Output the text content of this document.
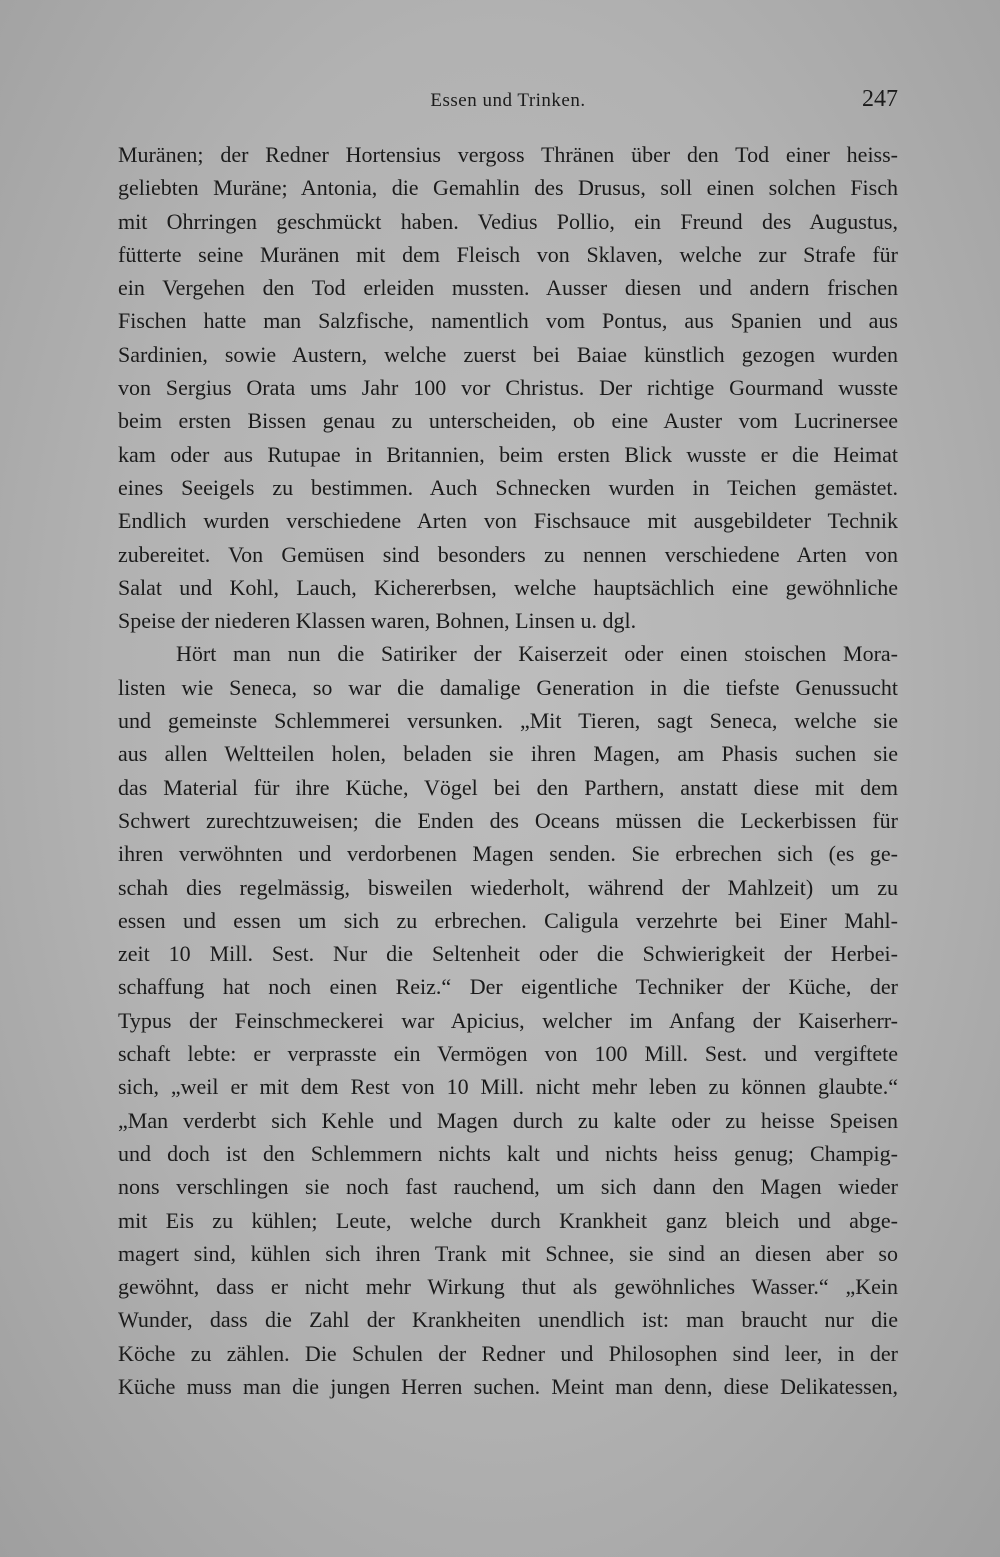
Essen und Trinken.	247
Muränen; der Redner Hortensius vergoss Thränen über den Tod einer heiss-
geliebten Muräne; Antonia, die Gemahlin des Drusus, soll einen solchen Fisch
mit Ohrringen geschmückt haben. Vedius Pollio, ein Freund des Augustus,
fütterte seine Muränen mit dem Fleisch von Sklaven, welche zur Strafe für
ein Vergehen den Tod erleiden mussten. Ausser diesen und andern frischen
Fischen hatte man Salzfische, namentlich vom Pontus, aus Spanien und aus
Sardinien, sowie Austern, welche zuerst bei Baiae künstlich gezogen wurden
von Sergius Orata ums Jahr 100 vor Christus. Der richtige Gourmand wusste
beim ersten Bissen genau zu unterscheiden, ob eine Auster vom Lucrinersee
kam oder aus Rutupae in Britannien, beim ersten Blick wusste er die Heimat
eines Seeigels zu bestimmen. Auch Schnecken wurden in Teichen gemästet.
Endlich wurden verschiedene Arten von Fischsauce mit ausgebildeter Technik
zubereitet. Von Gemüsen sind besonders zu nennen verschiedene Arten von
Salat und Kohl, Lauch, Kichererbsen, welche hauptsächlich eine gewöhnliche
Speise der niederen Klassen waren, Bohnen, Linsen u. dgl.
Hört man nun die Satiriker der Kaiserzeit oder einen stoischen Mora-
listen wie Seneca, so war die damalige Generation in die tiefste Genussucht
und gemeinste Schlemmerei versunken. „Mit Tieren, sagt Seneca, welche sie
aus allen Weltteilen holen, beladen sie ihren Magen, am Phasis suchen sie
das Material für ihre Küche, Vögel bei den Parthern, anstatt diese mit dem
Schwert zurechtzuweisen; die Enden des Oceans müssen die Leckerbissen für
ihren verwöhnten und verdorbenen Magen senden. Sie erbrechen sich (es ge-
schah dies regelmässig, bisweilen wiederholt, während der Mahlzeit) um zu
essen und essen um sich zu erbrechen. Caligula verzehrte bei Einer Mahl-
zeit 10 Mill. Sest. Nur die Seltenheit oder die Schwierigkeit der Herbei-
schaffung hat noch einen Reiz.“ Der eigentliche Techniker der Küche, der
Typus der Feinschmeckerei war Apicius, welcher im Anfang der Kaiserherr-
schaft lebte: er verprasste ein Vermögen von 100 Mill. Sest. und vergiftete
sich, „weil er mit dem Rest von 10 Mill. nicht mehr leben zu können glaubte.“
„Man verderbt sich Kehle und Magen durch zu kalte oder zu heisse Speisen
und doch ist den Schlemmern nichts kalt und nichts heiss genug; Champig-
nons verschlingen sie noch fast rauchend, um sich dann den Magen wieder
mit Eis zu kühlen; Leute, welche durch Krankheit ganz bleich und abge-
magert sind, kühlen sich ihren Trank mit Schnee, sie sind an diesen aber so
gewöhnt, dass er nicht mehr Wirkung thut als gewöhnliches Wasser.“ „Kein
Wunder, dass die Zahl der Krankheiten unendlich ist: man braucht nur die
Köche zu zählen. Die Schulen der Redner und Philosophen sind leer, in der
Küche muss man die jungen Herren suchen. Meint man denn, diese Delikatessen,
